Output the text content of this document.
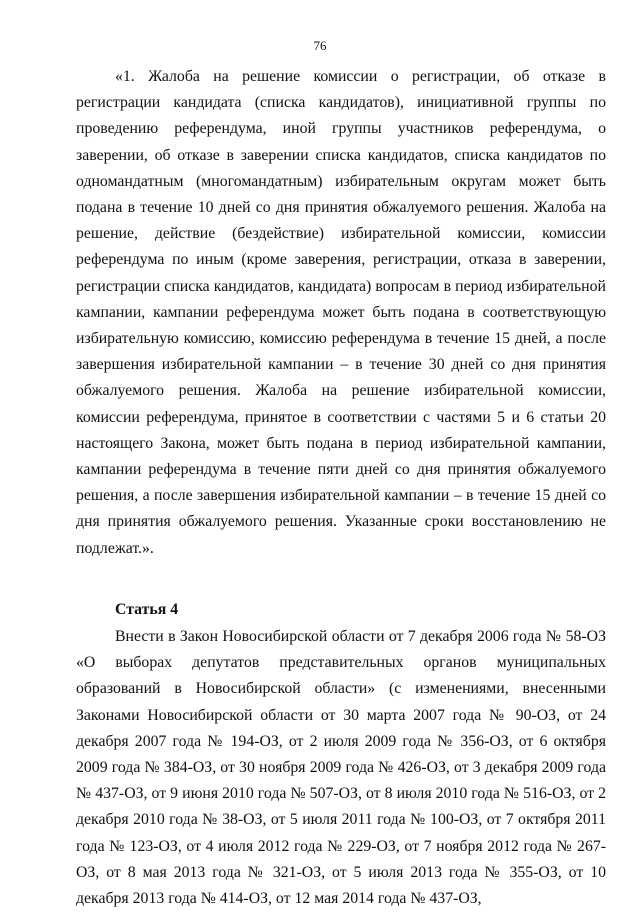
76

«1. Жалоба на решение комиссии о регистрации, об отказе в регистрации кандидата (списка кандидатов), инициативной группы по проведению референдума, иной группы участников референдума, о заверении, об отказе в заверении списка кандидатов, списка кандидатов по одномандатным (многомандатным) избирательным округам может быть подана в течение 10 дней со дня принятия обжалуемого решения. Жалоба на решение, действие (бездействие) избирательной комиссии, комиссии референдума по иным (кроме заверения, регистрации, отказа в заверении, регистрации списка кандидатов, кандидата) вопросам в период избирательной кампании, кампании референдума может быть подана в соответствующую избирательную комиссию, комиссию референдума в течение 15 дней, а после завершения избирательной кампании – в течение 30 дней со дня принятия обжалуемого решения. Жалоба на решение избирательной комиссии, комиссии референдума, принятое в соответствии с частями 5 и 6 статьи 20 настоящего Закона, может быть подана в период избирательной кампании, кампании референдума в течение пяти дней со дня принятия обжалуемого решения, а после завершения избирательной кампании – в течение 15 дней со дня принятия обжалуемого решения. Указанные сроки восстановлению не подлежат.».

Статья 4

Внести в Закон Новосибирской области от 7 декабря 2006 года № 58-ОЗ «О выборах депутатов представительных органов муниципальных образований в Новосибирской области» (с изменениями, внесенными Законами Новосибирской области от 30 марта 2007 года № 90-ОЗ, от 24 декабря 2007 года № 194-ОЗ, от 2 июля 2009 года № 356-ОЗ, от 6 октября 2009 года № 384-ОЗ, от 30 ноября 2009 года № 426-ОЗ, от 3 декабря 2009 года № 437-ОЗ, от 9 июня 2010 года № 507-ОЗ, от 8 июля 2010 года № 516-ОЗ, от 2 декабря 2010 года № 38-ОЗ, от 5 июля 2011 года № 100-ОЗ, от 7 октября 2011 года № 123-ОЗ, от 4 июля 2012 года № 229-ОЗ, от 7 ноября 2012 года № 267-ОЗ, от 8 мая 2013 года № 321-ОЗ, от 5 июля 2013 года № 355-ОЗ, от 10 декабря 2013 года № 414-ОЗ, от 12 мая 2014 года № 437-ОЗ,
